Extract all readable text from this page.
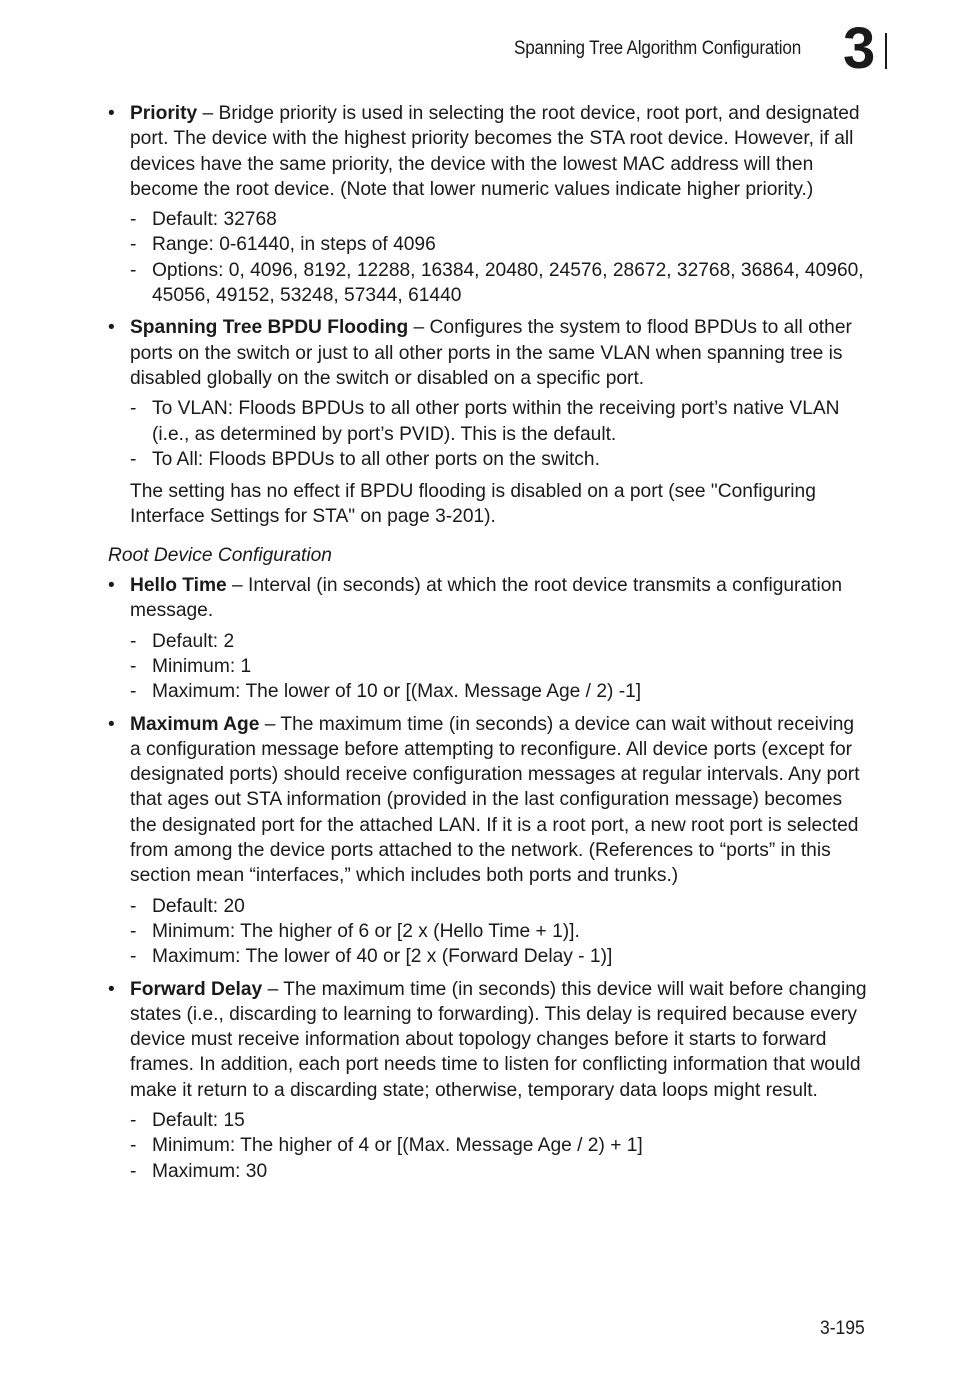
Spanning Tree Algorithm Configuration 3
• Priority – Bridge priority is used in selecting the root device, root port, and designated port. The device with the highest priority becomes the STA root device. However, if all devices have the same priority, the device with the lowest MAC address will then become the root device. (Note that lower numeric values indicate higher priority.)
- Default: 32768
- Range: 0-61440, in steps of 4096
- Options: 0, 4096, 8192, 12288, 16384, 20480, 24576, 28672, 32768, 36864, 40960, 45056, 49152, 53248, 57344, 61440
• Spanning Tree BPDU Flooding – Configures the system to flood BPDUs to all other ports on the switch or just to all other ports in the same VLAN when spanning tree is disabled globally on the switch or disabled on a specific port.
- To VLAN: Floods BPDUs to all other ports within the receiving port’s native VLAN (i.e., as determined by port’s PVID). This is the default.
- To All: Floods BPDUs to all other ports on the switch.

The setting has no effect if BPDU flooding is disabled on a port (see "Configuring Interface Settings for STA" on page 3-201).

Root Device Configuration
• Hello Time – Interval (in seconds) at which the root device transmits a configuration message.
- Default: 2
- Minimum: 1
- Maximum: The lower of 10 or [(Max. Message Age / 2) -1]
• Maximum Age – The maximum time (in seconds) a device can wait without receiving a configuration message before attempting to reconfigure. All device ports (except for designated ports) should receive configuration messages at regular intervals. Any port that ages out STA information (provided in the last configuration message) becomes the designated port for the attached LAN. If it is a root port, a new root port is selected from among the device ports attached to the network. (References to “ports” in this section mean “interfaces,” which includes both ports and trunks.)
- Default: 20
- Minimum: The higher of 6 or [2 x (Hello Time + 1)].
- Maximum: The lower of 40 or [2 x (Forward Delay - 1)]
• Forward Delay – The maximum time (in seconds) this device will wait before changing states (i.e., discarding to learning to forwarding). This delay is required because every device must receive information about topology changes before it starts to forward frames. In addition, each port needs time to listen for conflicting information that would make it return to a discarding state; otherwise, temporary data loops might result.
- Default: 15
- Minimum: The higher of 4 or [(Max. Message Age / 2) + 1]
- Maximum: 30
3-195
